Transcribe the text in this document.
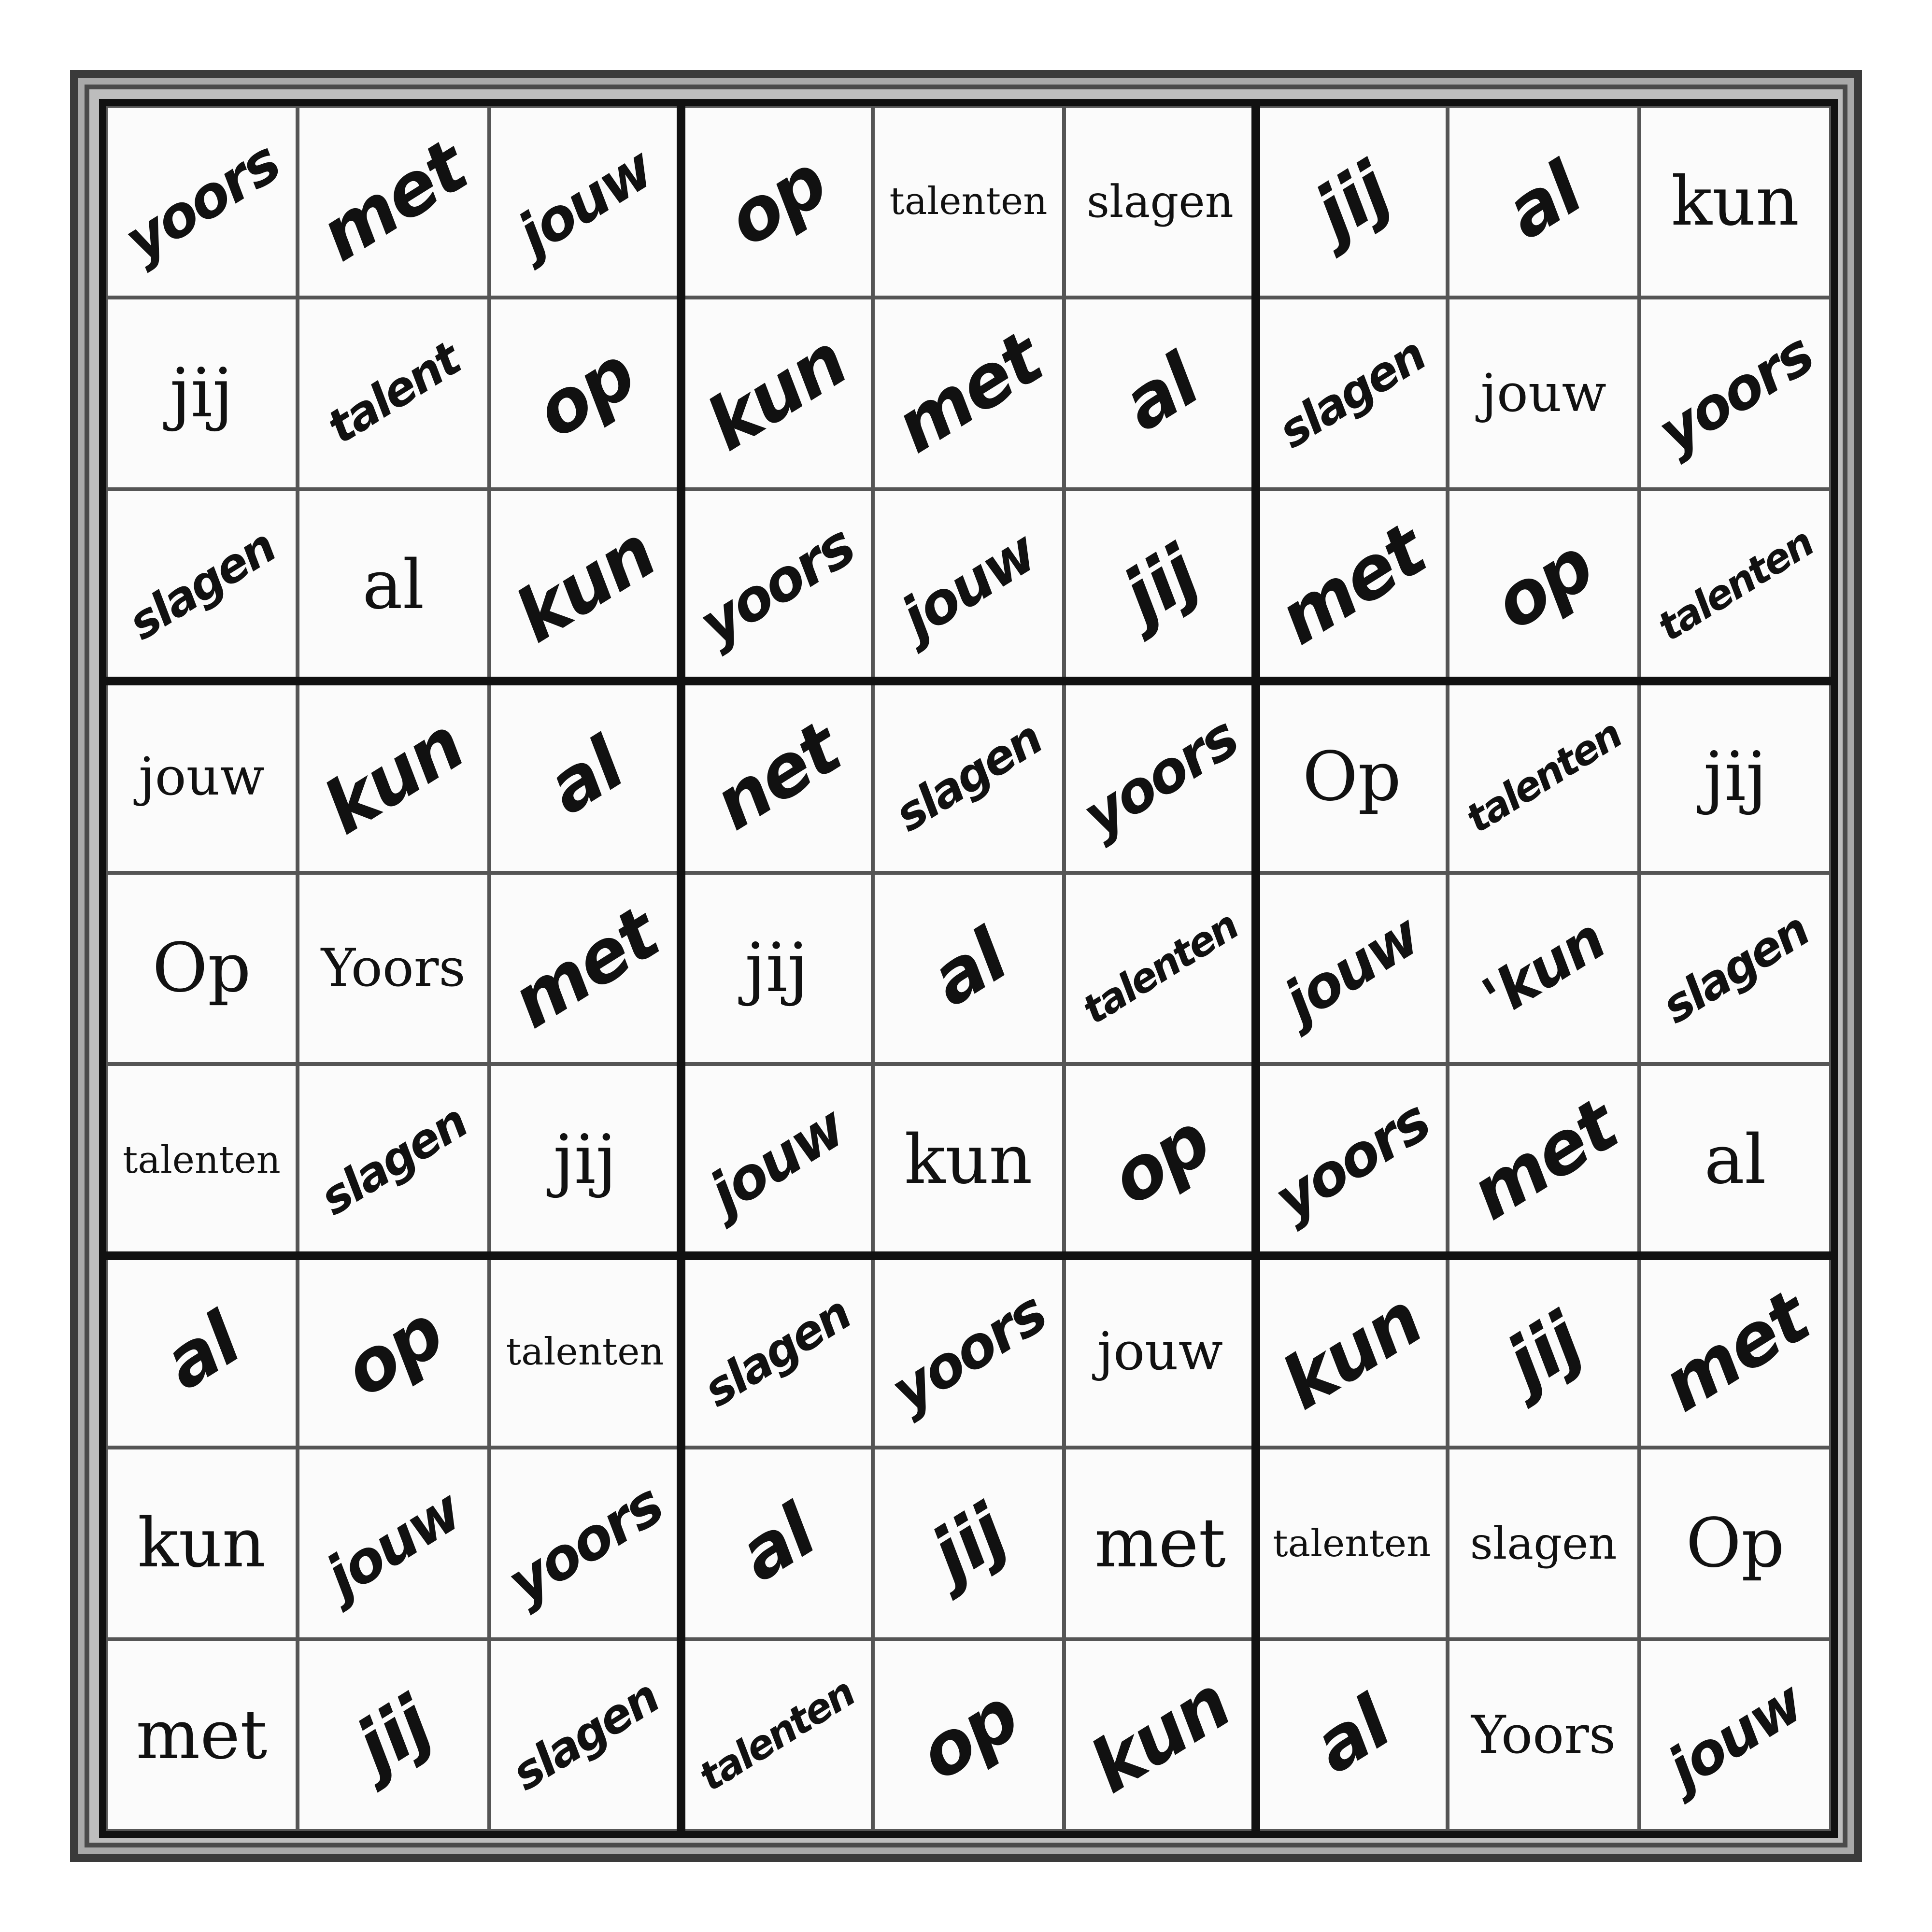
yoors met jouw op talenten slagen jij al kun
jij talent op kun met al slagen jouw yoors
slagen al kun yoors jouw jij met op talenten
jouw kun al net slagen yoors Op talenten jij
Op Yoors met jij al talenten jouw 'kun slagen
talenten slagen jij jouw kun op yoors met al
al op talenten slagen yoors jouw kun jij met
kun jouw yoors al jij met talenten slagen Op
met jij slagen talenten op kun al Yoors jouw
